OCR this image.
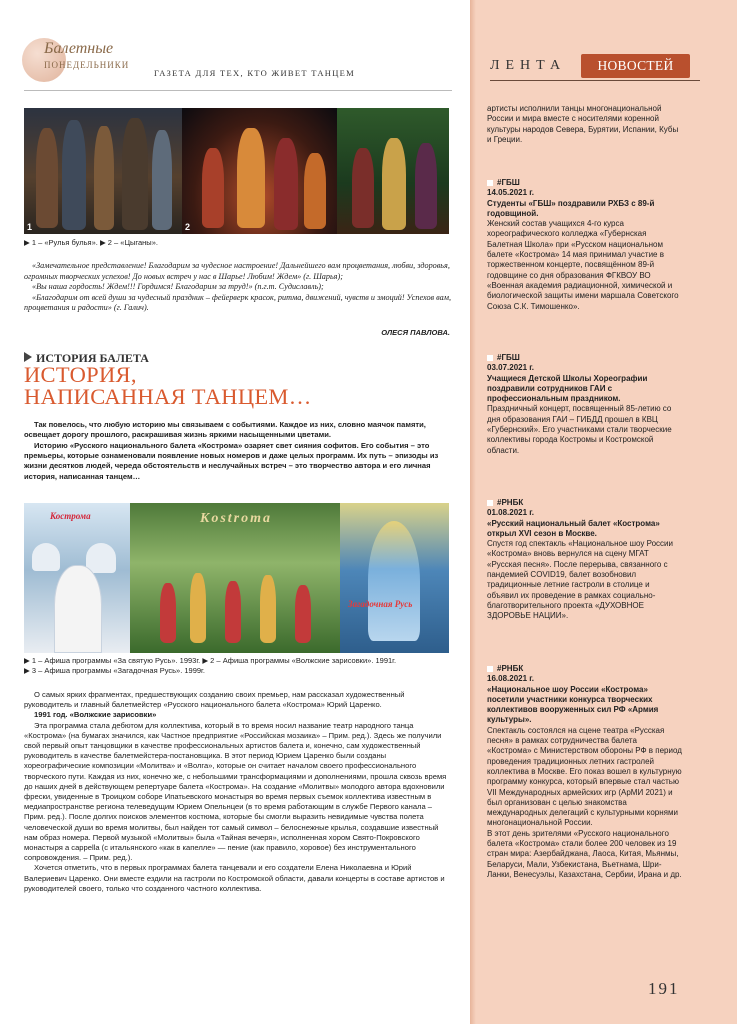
Балетные
ПОНЕДЕЛЬНИКИ
ГАЗЕТА ДЛЯ ТЕХ, КТО ЖИВЕТ ТАНЦЕМ
1	2
▶ 1 – «Рулья булья». ▶ 2 – «Цыганы».

«Замечательное представление! Благодарим за чудесное настроение! Дальнейшего вам процветания, любви, здоровья, огромных творческих успехов! До новых встреч у нас в Шарье! Любим! Ждем» (г. Шарья);

«Вы наша гордость! Ждем!!! Гордимся! Благодарим за труд!» (п.г.т. Судиславль);

«Благодарим от всей души за чудесный праздник – фейерверк красок, ритма, движений, чувств и эмоций! Успехов вам, процветания и радости» (г. Галич).

ОЛЕСЯ ПАВЛОВА.
ИСТОРИЯ БАЛЕТА
ИСТОРИЯ,
НАПИСАННАЯ ТАНЦЕМ…
Так повелось, что любую историю мы связываем с событиями. Каждое из них, словно маячок памяти, освещает дорогу прошлого, раскрашивая жизнь яркими насыщенными цветами.
Историю «Русского национального балета «Кострома» озаряет свет сияния софитов. Его события – это премьеры, которые ознаменовали появление новых номеров и даже целых программ. Их путь – эпизоды из жизни десятков людей, череда обстоятельств и неслучайных встреч – это творчество автора и его личная история, написанная танцем…
Кострома	Kostroma
Загадочная Русь
▶ 1 – Афиша программы «За святую Русь». 1993г. ▶ 2 – Афиша программы «Волжские зарисовки». 1991г.
▶ 3 – Афиша программы «Загадочная Русь». 1999г.

О самых ярких фрагментах, предшествующих созданию своих премьер, нам рассказал художественный руководитель и главный балетмейстер «Русского национального балета «Кострома» Юрий Царенко.

1991 год. «Волжские зарисовки»

Эта программа стала дебютом для коллектива, который в то время носил название театр народного танца «Кострома» (на бумагах значился, как Частное предприятие «Российская мозаика» – Прим. ред.). Здесь же получили свой первый опыт танцовщики в качестве профессиональных артистов балета и, конечно, сам художественный руководитель в качестве балетмейстера-постановщика. В этот период Юрием Царенко были созданы хореографические композиции «Молитва» и «Волга», которые он считает началом своего профессионального творческого пути. Каждая из них, конечно же, с небольшими трансформациями и дополнениями, прошла сквозь время до наших дней в действующем репертуаре балета «Кострома». На создание «Молитвы» молодого автора вдохновили фрески, увиденные в Троицком соборе Ипатьевского монастыря во время первых съемок коллектива известным в медиапространстве региона телеведущим Юрием Опельнцеи (в то время работающим в службе Первого канала – Прим. ред.). После долгих поисков элементов костюма, которые бы смогли выразить невидимые чувства полета человеческой души во время молитвы, был найден тот самый символ – белоснежные крылья, создавшие известный нам образ номера. Первой музыкой «Молитвы» была «Тайная вечеря», исполненная хором Свято-Покровского монастыря a cappella (с итальянского «как в капелле» — пение (как правило, хоровое) без инструментального сопровождения. – Прим. ред.).

Хочется отметить, что в первых программах балета танцевали и его создатели Елена Николаевна и Юрий Валериевич Царенко. Они вместе ездили на гастроли по Костромской области, давали концерты в составе артистов и руководителей своего, только что созданного частного коллектива.

ЛЕНТА	НОВОСТЕЙ
артисты исполнили танцы многонациональной России и мира вместе с носителями коренной культуры народов Севера, Бурятии, Испании, Кубы и Греции.
#ГБШ
14.05.2021 г.
Студенты «ГБШ» поздравили РХБЗ с 89-й годовщиной.
Женский состав учащихся 4-го курса хореографического колледжа «Губернская Балетная Школа» при «Русском национальном балете «Кострома» 14 мая принимал участие в торжественном концерте, посвящённом 89-й годовщине со дня образования ФГКВОУ ВО «Военная академия радиационной, химической и биологической защиты имени маршала Советского Союза С.К. Тимошенко».
#ГБШ
03.07.2021 г.
Учащиеся Детской Школы Хореографии поздравили сотрудников ГАИ с профессиональным праздником.
Праздничный концерт, посвященный 85-летию со дня образования ГАИ – ГИБДД прошел в КВЦ «Губернский». Его участниками стали творческие коллективы города Костромы и Костромской области.
#РНБК
01.08.2021 г.
«Русский национальный балет «Кострома» открыл XVI сезон в Москве.
Спустя год спектакль «Национальное шоу России «Кострома» вновь вернулся на сцену МГАТ «Русская песня». После перерыва, связанного с пандемией COVID19, балет возобновил традиционные летние гастроли в столице и объявил их проведение в рамках социально-благотворительного проекта «ДУХОВНОЕ ЗДОРОВЬЕ НАЦИИ».
#РНБК
16.08.2021 г.
«Национальное шоу России «Кострома» посетили участники конкурса творческих коллективов вооруженных сил РФ «Армия культуры».
Спектакль состоялся на сцене театра «Русская песня» в рамках сотрудничества балета «Кострома» с Министерством обороны РФ в период проведения традиционных летних гастролей коллектива в Москве. Его показ вошел в культурную программу конкурса, который впервые стал частью VII Международных армейских игр (АрМИ 2021) и был организован с целью знакомства международных делегаций с культурными корнями многонациональной России.
В этот день зрителями «Русского национального балета «Кострома» стали более 200 человек из 19 стран мира: Азербайджана, Лаоса, Китая, Мьянмы, Беларуси, Мали, Узбекистана, Вьетнама, Шри-Ланки, Венесуэлы, Казахстана, Сербии, Ирана и др.
191
